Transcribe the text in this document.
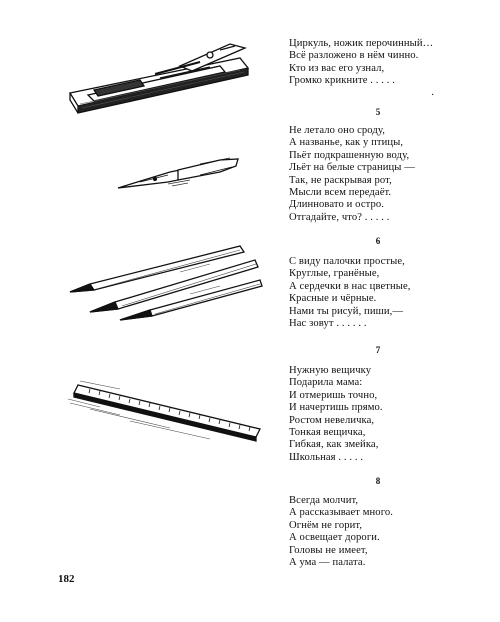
Циркуль, ножик перочинный…
Всё разложено в нём чинно.
Кто из вас его узнал,
Громко крикните . . . . .
.
5
Не летало оно сроду,
А названье, как у птицы,
Пьёт подкрашенную воду,
Льёт на белые страницы —
Так, не раскрывая рот,
Мысли всем передаёт.
Длинновато и остро.
Отгадайте, что? . . . . .
6
С виду палочки простые,
Круглые, гранёные,
А сердечки в нас цветные,
Красные и чёрные.
Нами ты рисуй, пиши,—
Нас зовут . . . . . .
7
Нужную вещичку
Подарила мама:
И отмеришь точно,
И начертишь прямо.
Ростом невеличка,
Тонкая вещичка,
Гибкая, как змейка,
Школьная . . . . .
8
Всегда молчит,
А рассказывает много.
Огнём не горит,
А освещает дороги.
Головы не имеет,
А ума — палата.
182
